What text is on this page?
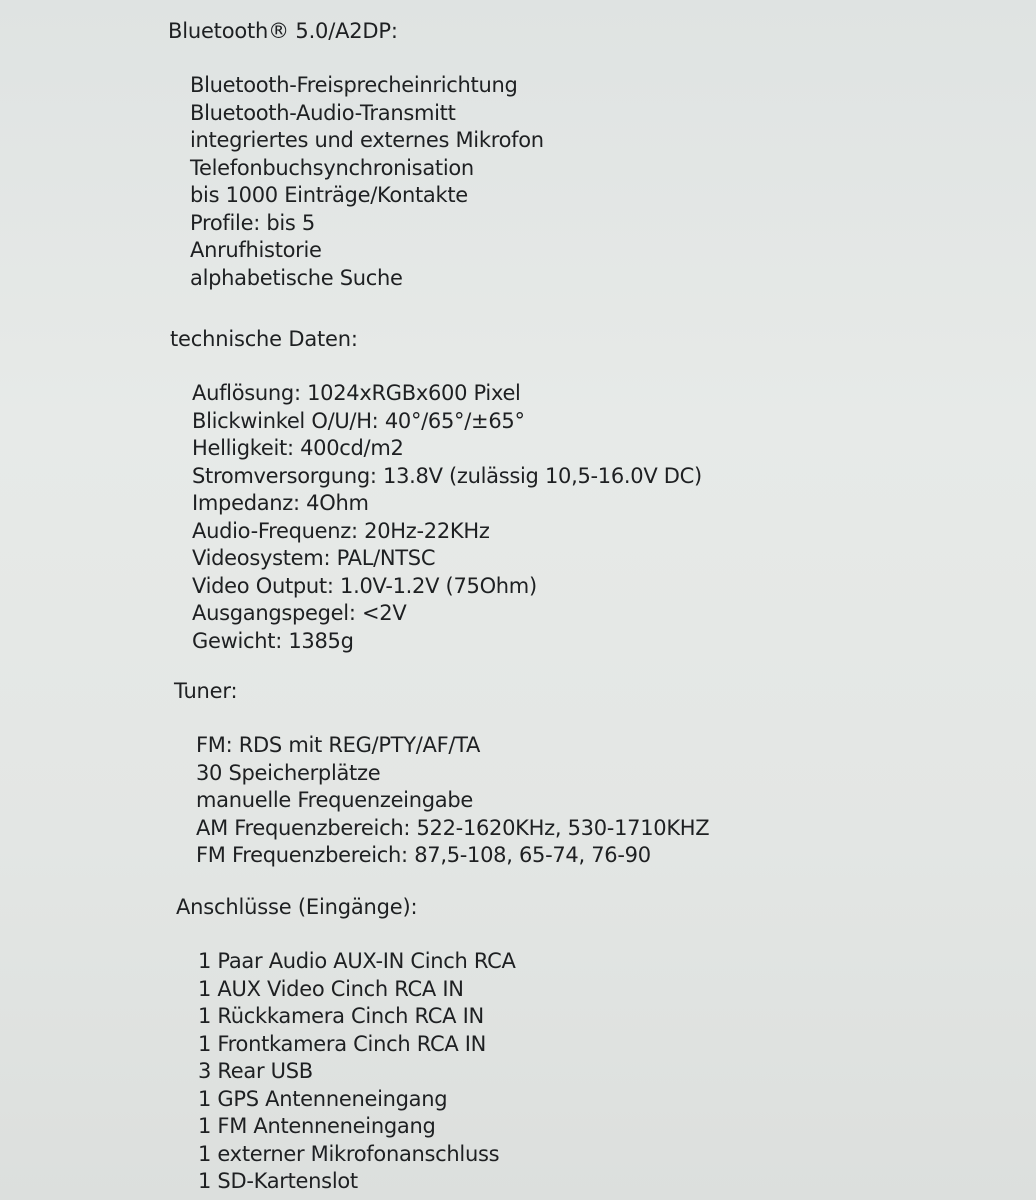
Bluetooth® 5.0/A2DP:
Bluetooth-Freisprecheinrichtung
Bluetooth-Audio-Transmitt
integriertes und externes Mikrofon
Telefonbuchsynchronisation
bis 1000 Einträge/Kontakte
Profile: bis 5
Anrufhistorie
alphabetische Suche
technische Daten:
Auflösung: 1024xRGBx600 Pixel
Blickwinkel O/U/H: 40°/65°/±65°
Helligkeit: 400cd/m2
Stromversorgung: 13.8V (zulässig 10,5-16.0V DC)
Impedanz: 4Ohm
Audio-Frequenz: 20Hz-22KHz
Videosystem: PAL/NTSC
Video Output: 1.0V-1.2V (75Ohm)
Ausgangspegel: <2V
Gewicht: 1385g
Tuner:
FM: RDS mit REG/PTY/AF/TA
30 Speicherplätze
manuelle Frequenzeingabe
AM Frequenzbereich: 522-1620KHz, 530-1710KHZ
FM Frequenzbereich: 87,5-108, 65-74, 76-90
Anschlüsse (Eingänge):
1 Paar Audio AUX-IN Cinch RCA
1 AUX Video Cinch RCA IN
1 Rückkamera Cinch RCA IN
1 Frontkamera Cinch RCA IN
3 Rear USB
1 GPS Antenneneingang
1 FM Antenneneingang
1 externer Mikrofonanschluss
1 SD-Kartenslot
